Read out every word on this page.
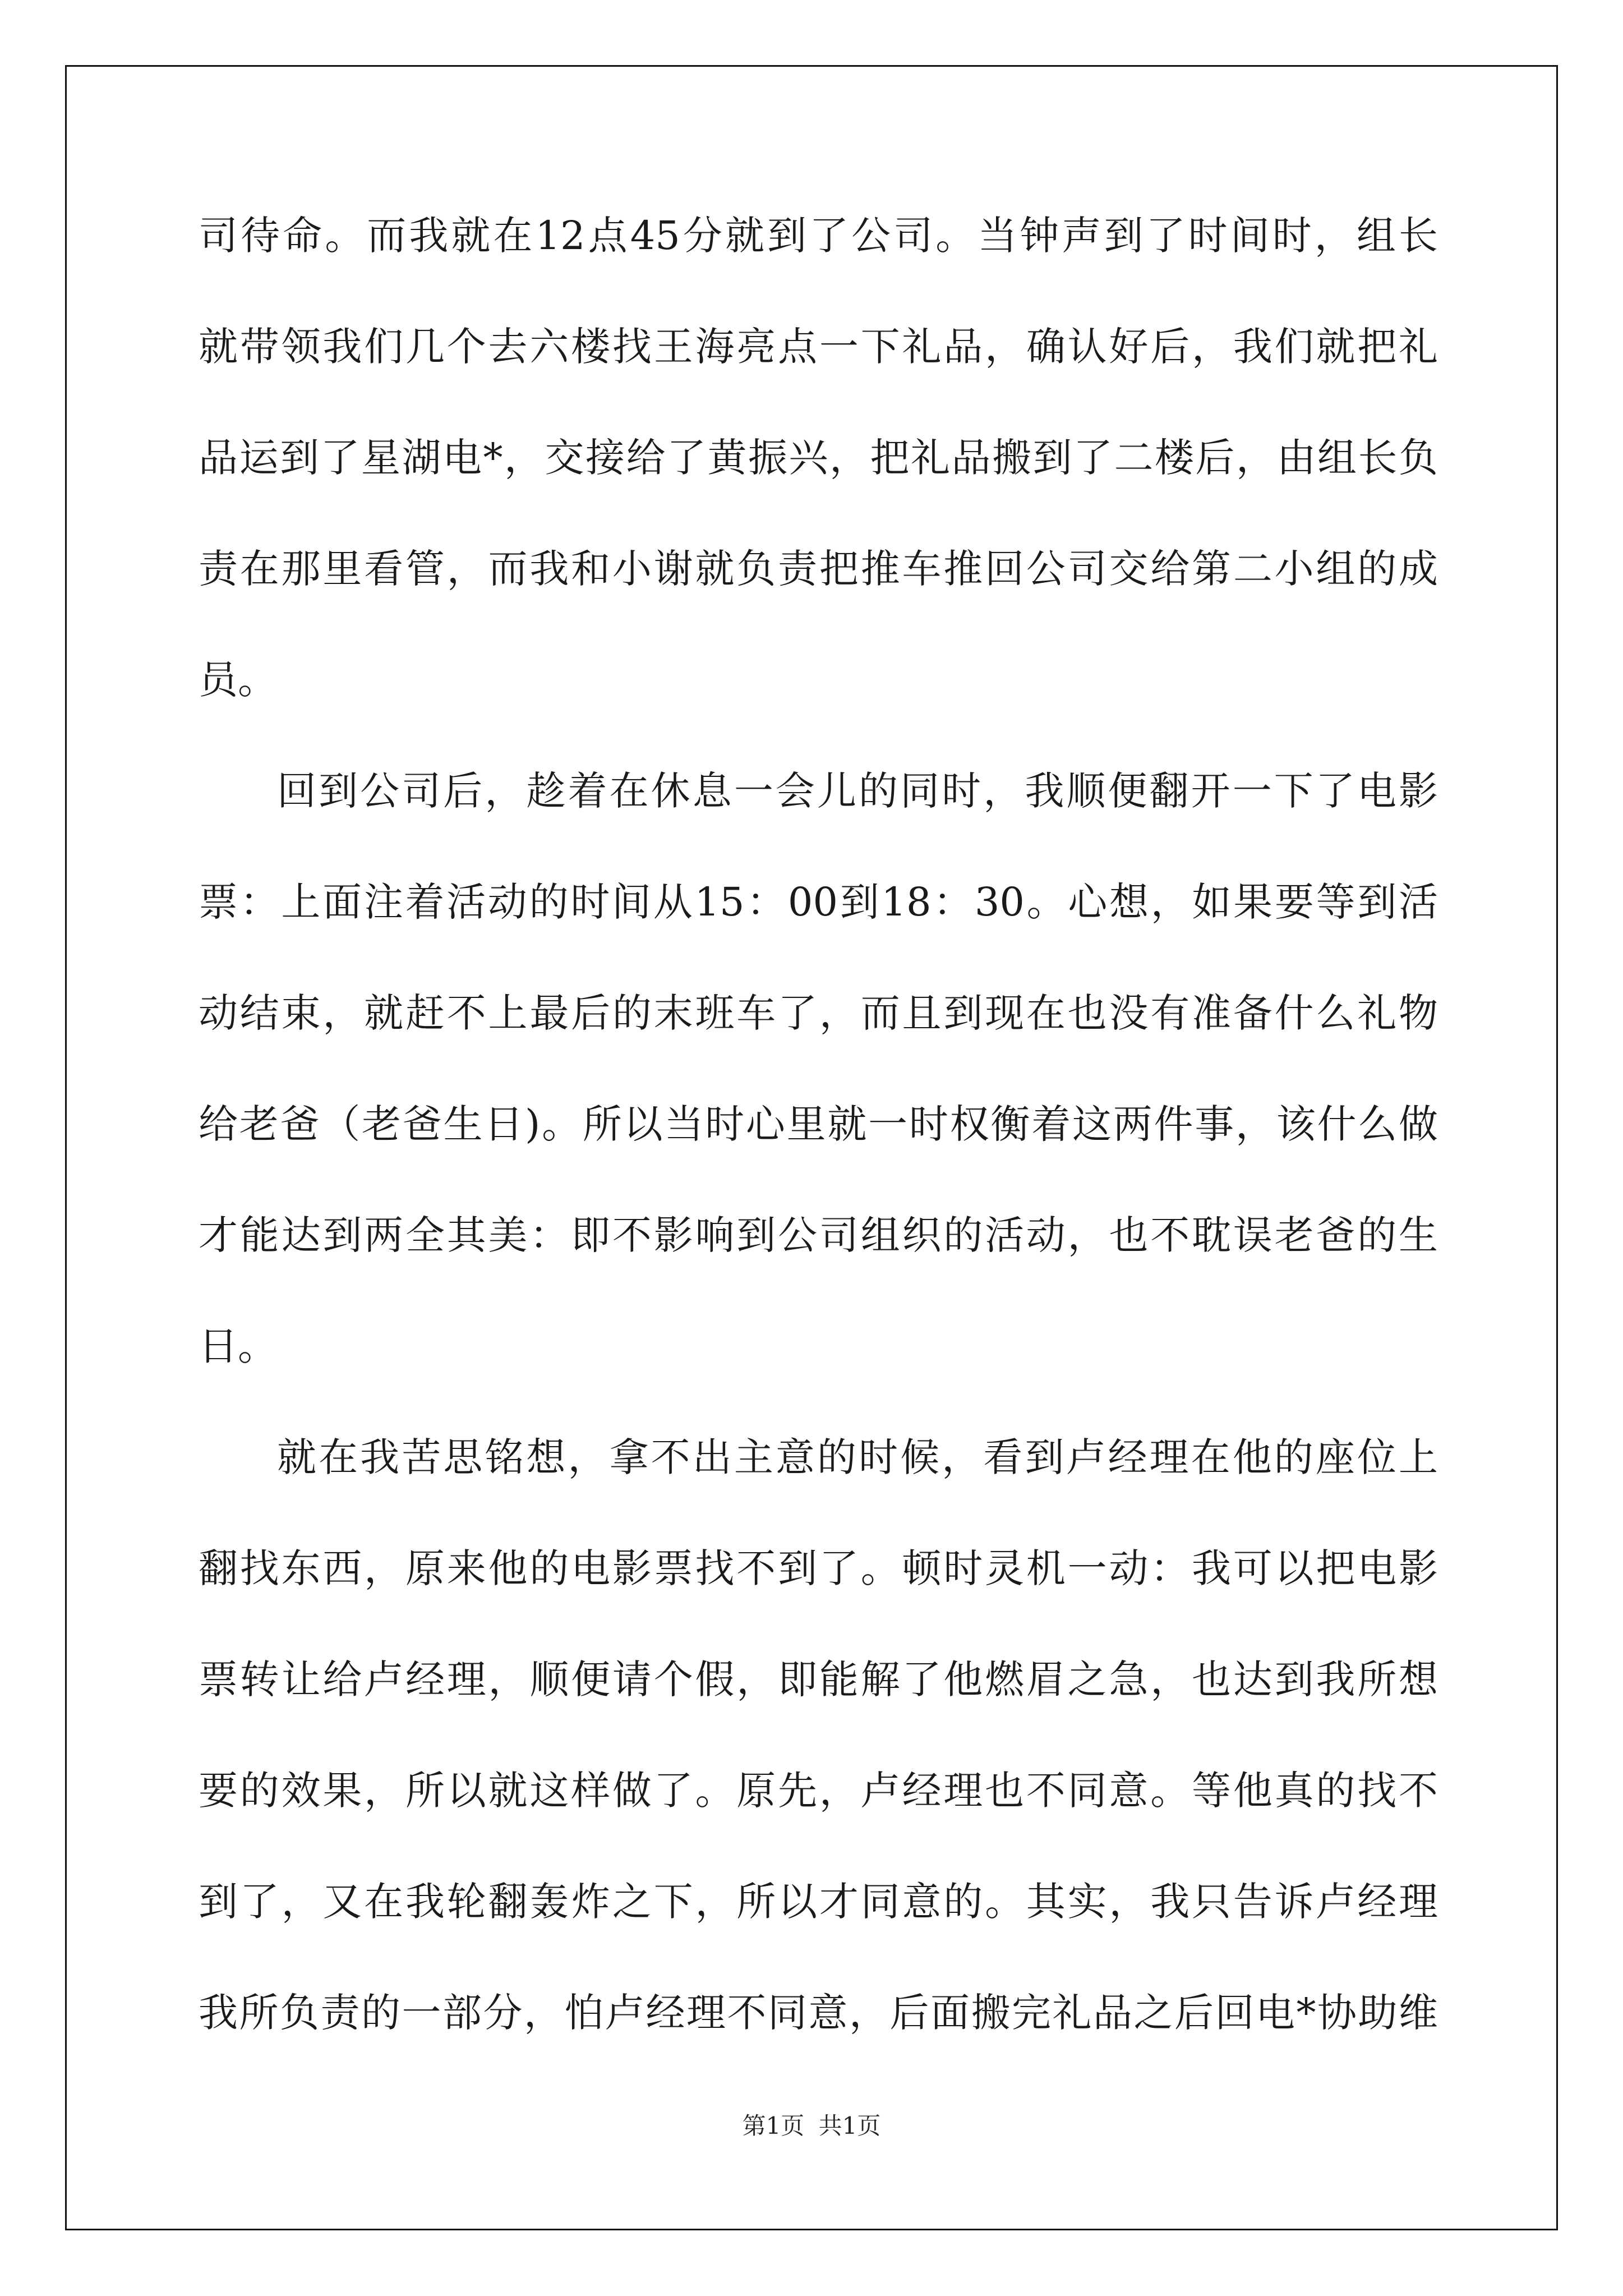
司待命。而我就在12点45分就到了公司。当钟声到了时间时，组长
就带领我们几个去六楼找王海亮点一下礼品，确认好后，我们就把礼
品运到了星湖电*，交接给了黄振兴，把礼品搬到了二楼后，由组长负
责在那里看管，而我和小谢就负责把推车推回公司交给第二小组的成
员。
回到公司后，趁着在休息一会儿的同时，我顺便翻开一下了电影
票：上面注着活动的时间从15：00到18：30。心想，如果要等到活
动结束，就赶不上最后的末班车了，而且到现在也没有准备什么礼物
给老爸（老爸生日)。所以当时心里就一时权衡着这两件事，该什么做
才能达到两全其美：即不影响到公司组织的活动，也不耽误老爸的生
日。
就在我苦思铭想，拿不出主意的时候，看到卢经理在他的座位上
翻找东西，原来他的电影票找不到了。顿时灵机一动：我可以把电影
票转让给卢经理，顺便请个假，即能解了他燃眉之急，也达到我所想
要的效果，所以就这样做了。原先，卢经理也不同意。等他真的找不
到了，又在我轮翻轰炸之下，所以才同意的。其实，我只告诉卢经理
我所负责的一部分，怕卢经理不同意，后面搬完礼品之后回电*协助维
第1页 共1页
